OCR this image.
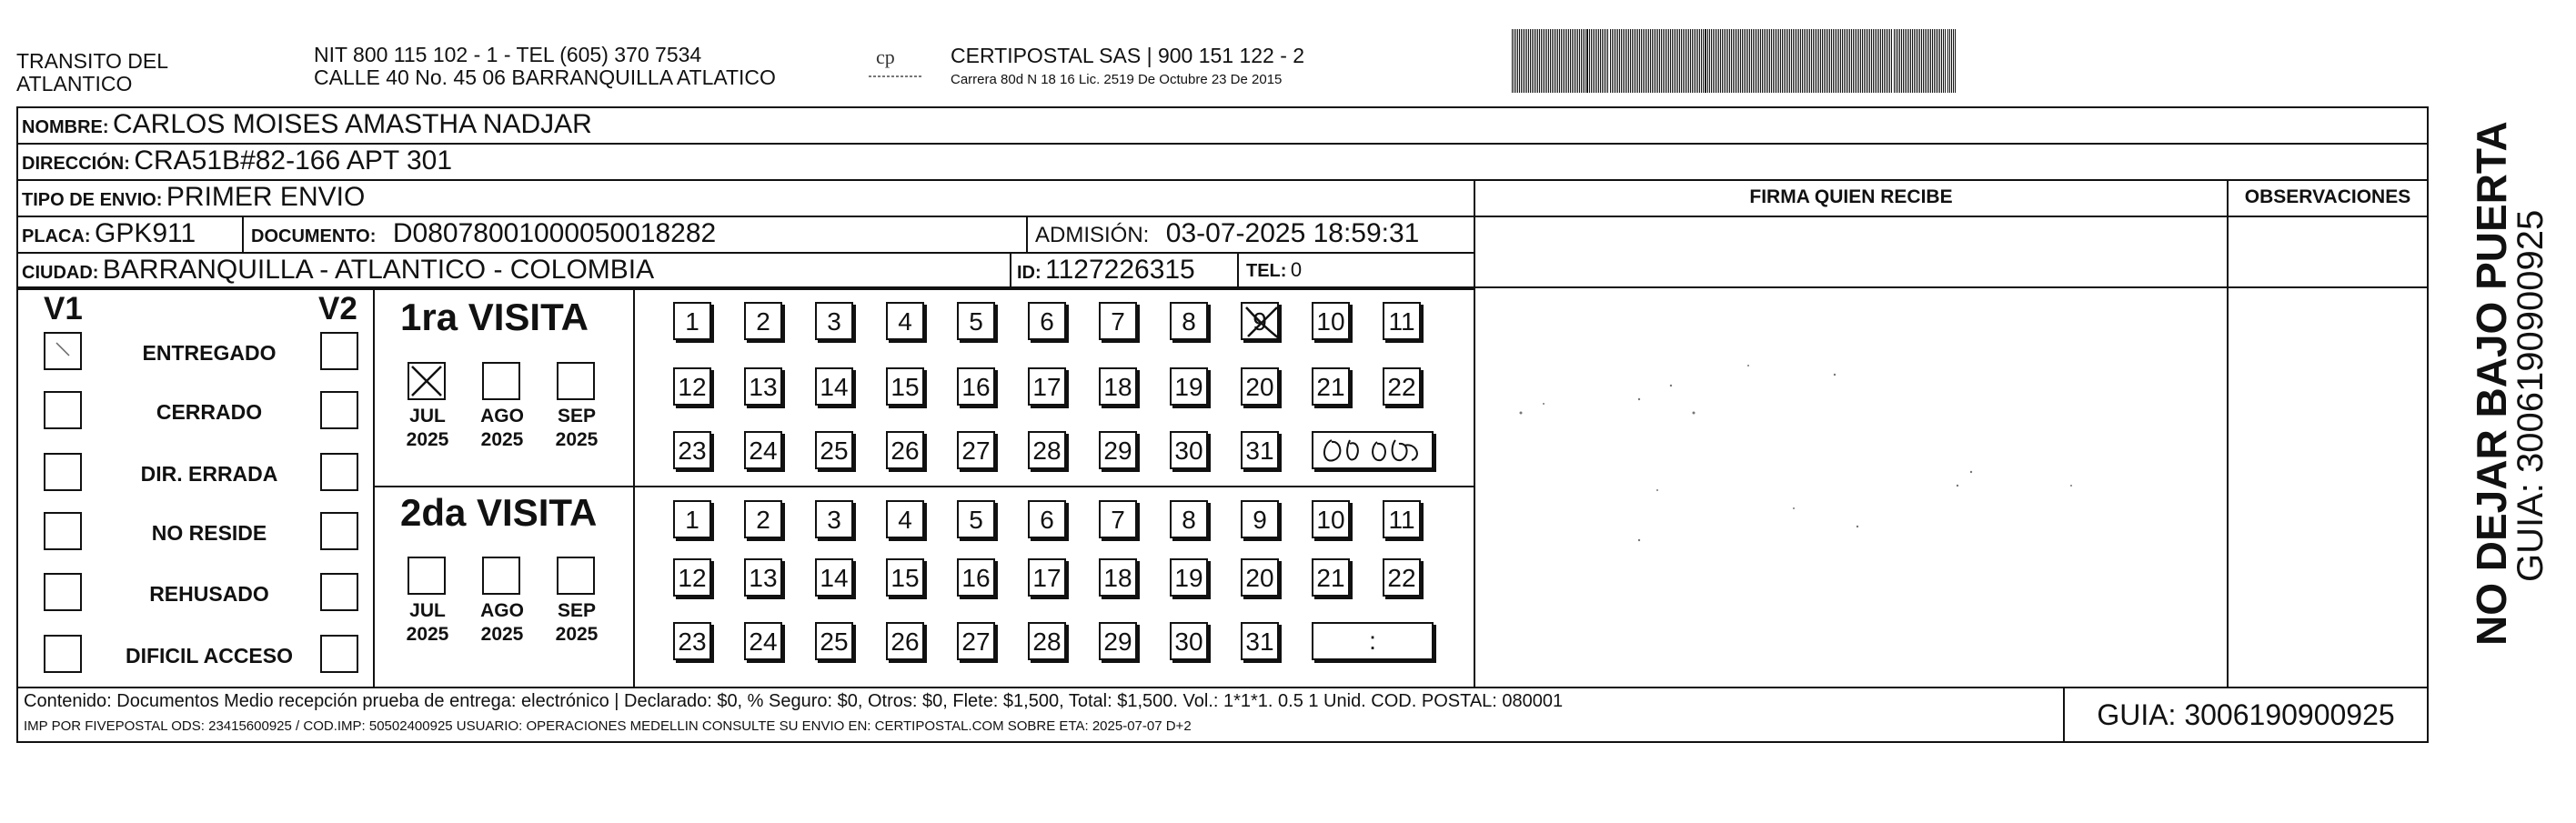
TRANSITO DEL
ATLANTICO
NIT 800 115 102 - 1 - TEL (605) 370 7534
CALLE 40 No. 45 06 BARRANQUILLA ATLATICO
cp	CERTIPOSTAL SAS | 900 151 122 - 2
Carrera 80d N 18 16 Lic. 2519 De Octubre 23 De 2015
NOMBRE: CARLOS MOISES AMASTHA NADJAR
DIRECCIÓN: CRA51B#82-166 APT 301
TIPO DE ENVIO: PRIMER ENVIO
PLACA: GPK911	DOCUMENTO: D08078001000050018282	ADMISIÓN: 03-07-2025 18:59:31
CIUDAD: BARRANQUILLA - ATLANTICO - COLOMBIA	ID: 1127226315	TEL: 0
FIRMA QUIEN RECIBE	OBSERVACIONES
V1	V2
ENTREGADO
CERRADO
DIR. ERRADA
NO RESIDE
REHUSADO
DIFICIL ACCESO
1ra VISITA
2da VISITA
JUL
2025
AGO
2025
SEP
2025
JUL
2025
AGO
2025
SEP
2025
1	2	3	4	5	6	7	8	9	10 11
12 13 14 15 16 17 18 19 20 21 22
23 24 25 26 27 28 29 30 31
1	2	3	4	5	6	7	8	9	10 11
12 13 14 15 16 17 18 19 20 21 22
23 24 25 26 27 28 29 30 31	:
Contenido: Documentos Medio recepción prueba de entrega: electrónico | Declarado: $0, % Seguro: $0, Otros: $0, Flete: $1,500, Total: $1,500. Vol.: 1*1*1. 0.5 1 Unid. COD. POSTAL: 080001
IMP POR FIVEPOSTAL ODS: 23415600925 / COD.IMP: 50502400925 USUARIO: OPERACIONES MEDELLIN CONSULTE SU ENVIO EN: CERTIPOSTAL.COM SOBRE ETA: 2025-07-07 D+2	GUIA: 3006190900925
NO DEJAR BAJO PUERTA
GUIA: 3006190900925
